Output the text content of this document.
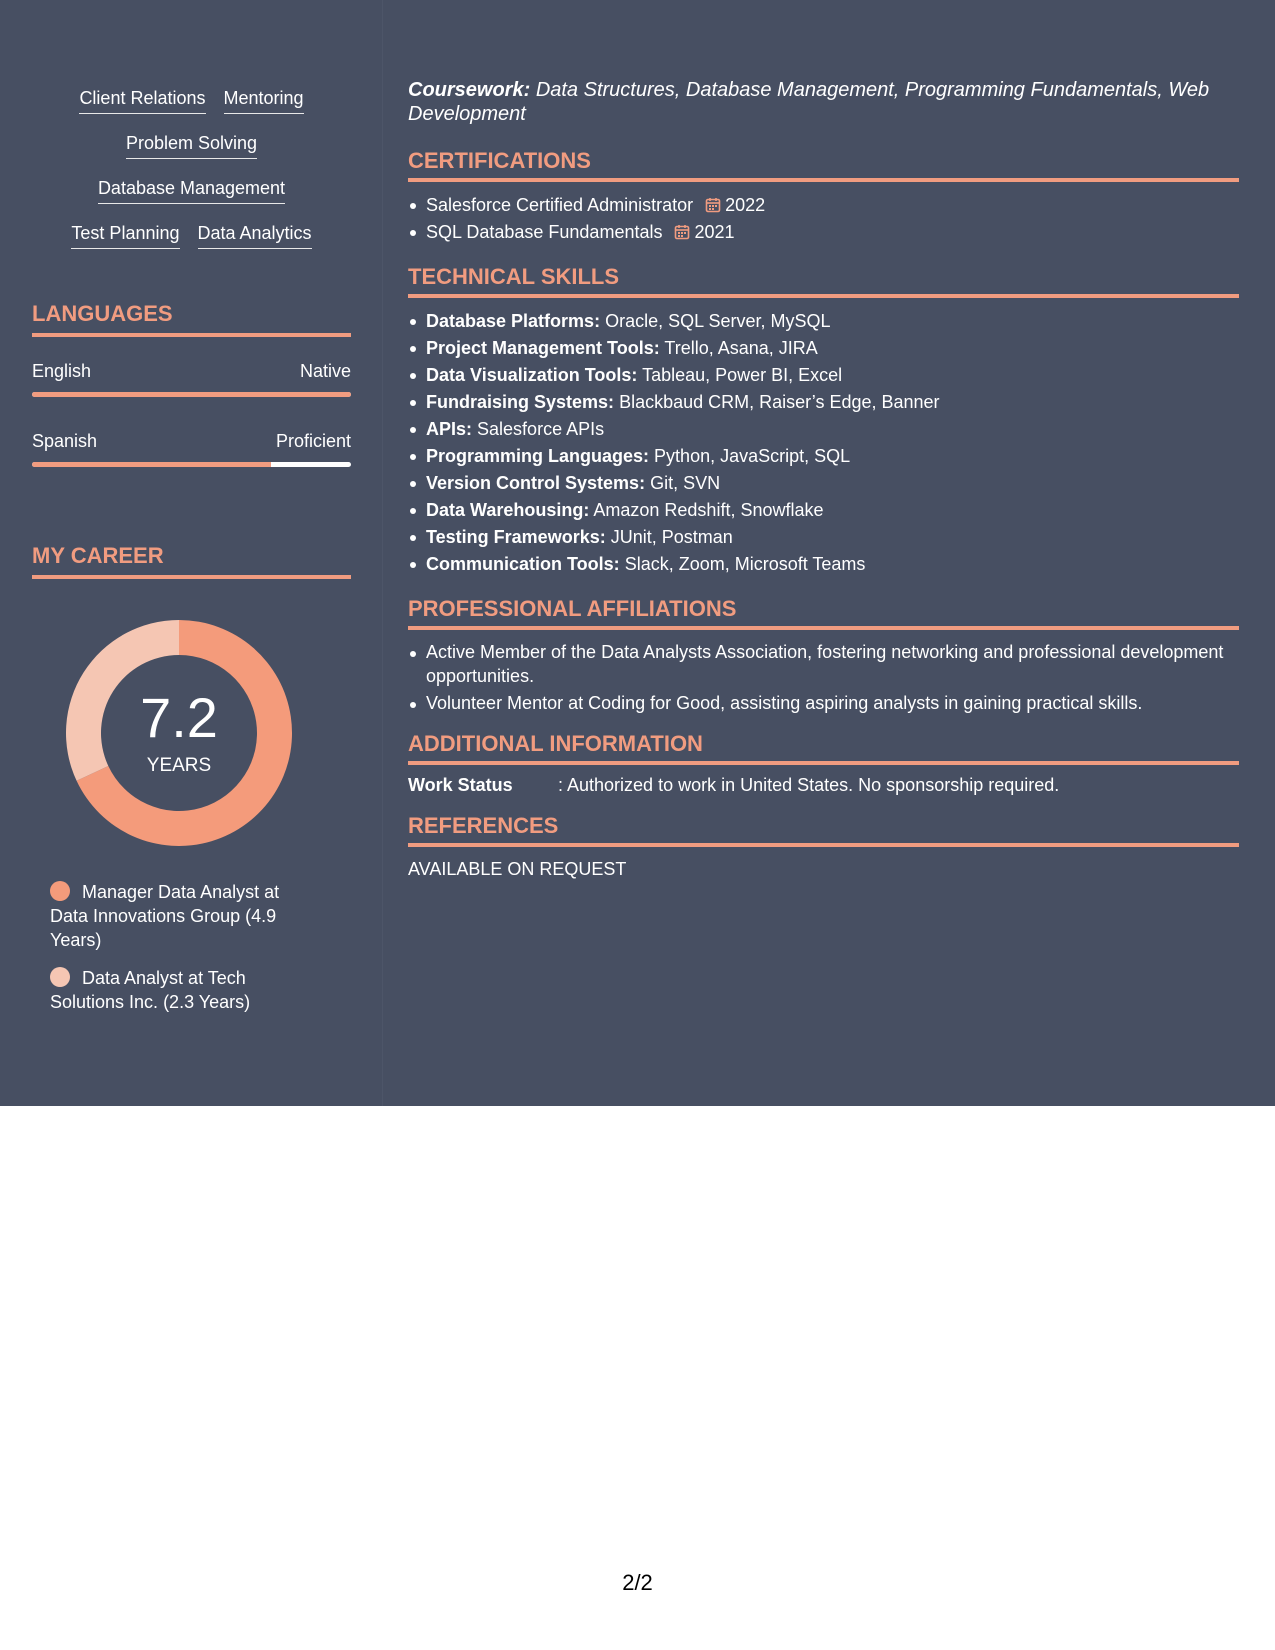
Client Relations Mentoring
Problem Solving
Database Management
Test Planning Data Analytics
LANGUAGES
English	Native
Spanish	Proficient
MY CAREER
7.2
YEARS
Manager Data Analyst at Data Innovations Group (4.9 Years)
Data Analyst at Tech Solutions Inc. (2.3 Years)

Coursework: Data Structures, Database Management, Programming Fundamentals, Web Development

CERTIFICATIONS
Salesforce Certified Administrator 2022
SQL Database Fundamentals 2021
TECHNICAL SKILLS
Database Platforms: Oracle, SQL Server, MySQL
Project Management Tools: Trello, Asana, JIRA
Data Visualization Tools: Tableau, Power BI, Excel
Fundraising Systems: Blackbaud CRM, Raiser’s Edge, Banner
APIs: Salesforce APIs
Programming Languages: Python, JavaScript, SQL
Version Control Systems: Git, SVN
Data Warehousing: Amazon Redshift, Snowflake
Testing Frameworks: JUnit, Postman
Communication Tools: Slack, Zoom, Microsoft Teams
PROFESSIONAL AFFILIATIONS
Active Member of the Data Analysts Association, fostering networking and professional development opportunities.
Volunteer Mentor at Coding for Good, assisting aspiring analysts in gaining practical skills.
ADDITIONAL INFORMATION
Work Status	: Authorized to work in United States. No sponsorship required.
REFERENCES
AVAILABLE ON REQUEST
2/2
